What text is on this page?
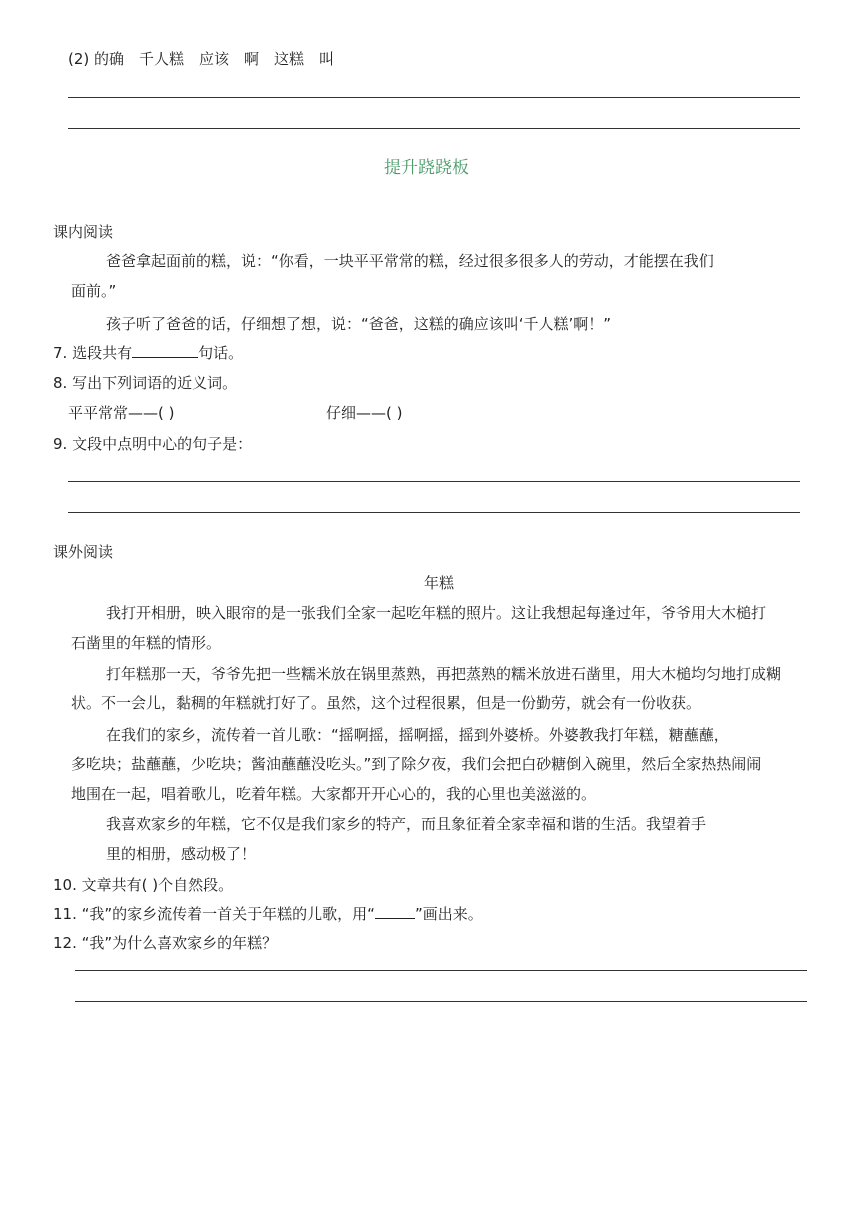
(2) 的确　千人糕　应该　啊　这糕　叫
提升跷跷板
课内阅读
爸爸拿起面前的糕，说：“你看，一块平平常常的糕，经过很多很多人的劳动，才能摆在我们
面前。”
孩子听了爸爸的话，仔细想了想，说：“爸爸，这糕的确应该叫‘千人糕’啊！”
7. 选段共有	句话。
8. 写出下列词语的近义词。
平平常常——( )	仔细——( )
9. 文段中点明中心的句子是：
课外阅读
年糕
我打开相册，映入眼帘的是一张我们全家一起吃年糕的照片。这让我想起每逢过年，爷爷用大木槌打
石凿里的年糕的情形。
打年糕那一天，爷爷先把一些糯米放在锅里蒸熟，再把蒸熟的糯米放进石凿里，用大木槌均匀地打成糊
状。不一会儿，黏稠的年糕就打好了。虽然，这个过程很累，但是一份勤劳，就会有一份收获。
在我们的家乡，流传着一首儿歌：“摇啊摇，摇啊摇，摇到外婆桥。外婆教我打年糕，糖蘸蘸，
多吃块；盐蘸蘸，少吃块；酱油蘸蘸没吃头。”到了除夕夜，我们会把白砂糖倒入碗里，然后全家热热闹闹
地围在一起，唱着歌儿，吃着年糕。大家都开开心心的，我的心里也美滋滋的。
我喜欢家乡的年糕，它不仅是我们家乡的特产，而且象征着全家幸福和谐的生活。我望着手
里的相册，感动极了！
10. 文章共有( )个自然段。
11. “我”的家乡流传着一首关于年糕的儿歌，用“	”画出来。
12. “我”为什么喜欢家乡的年糕？
